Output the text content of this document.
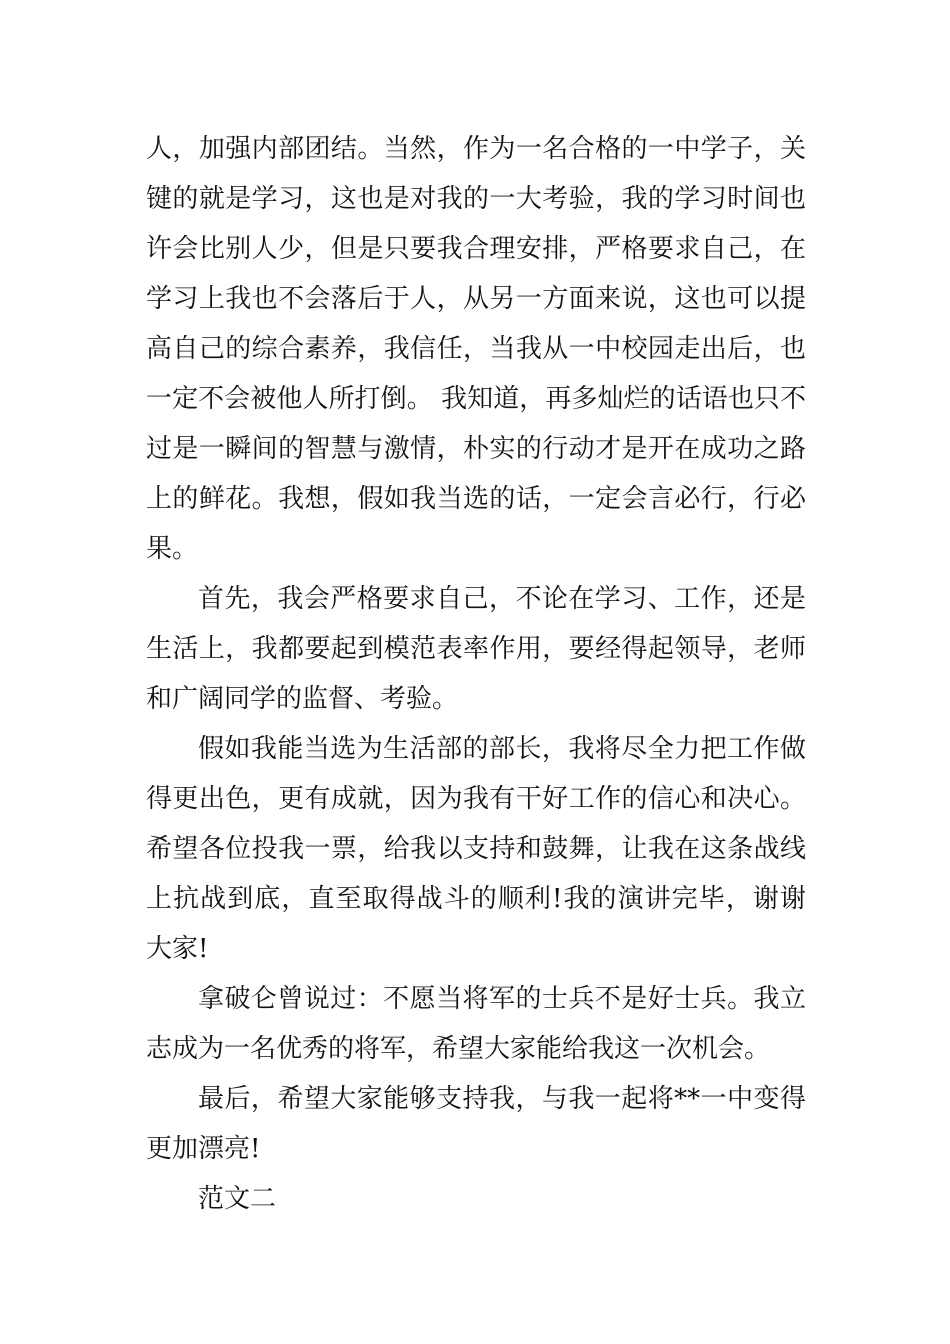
人，加强内部团结。当然，作为一名合格的一中学子，关键的就是学习，这也是对我的一大考验，我的学习时间也许会比别人少，但是只要我合理安排，严格要求自己，在学习上我也不会落后于人，从另一方面来说，这也可以提高自己的综合素养，我信任，当我从一中校园走出后，也一定不会被他人所打倒。 我知道，再多灿烂的话语也只不过是一瞬间的智慧与激情，朴实的行动才是开在成功之路上的鲜花。我想，假如我当选的话，一定会言必行，行必果。

首先，我会严格要求自己，不论在学习、工作，还是生活上，我都要起到模范表率作用，要经得起领导，老师和广阔同学的监督、考验。

假如我能当选为生活部的部长，我将尽全力把工作做得更出色，更有成就，因为我有干好工作的信心和决心。希望各位投我一票，给我以支持和鼓舞，让我在这条战线上抗战到底，直至取得战斗的顺利!我的演讲完毕，谢谢大家!

拿破仑曾说过：不愿当将军的士兵不是好士兵。我立志成为一名优秀的将军，希望大家能给我这一次机会。

最后，希望大家能够支持我，与我一起将**一中变得更加漂亮!

范文二
